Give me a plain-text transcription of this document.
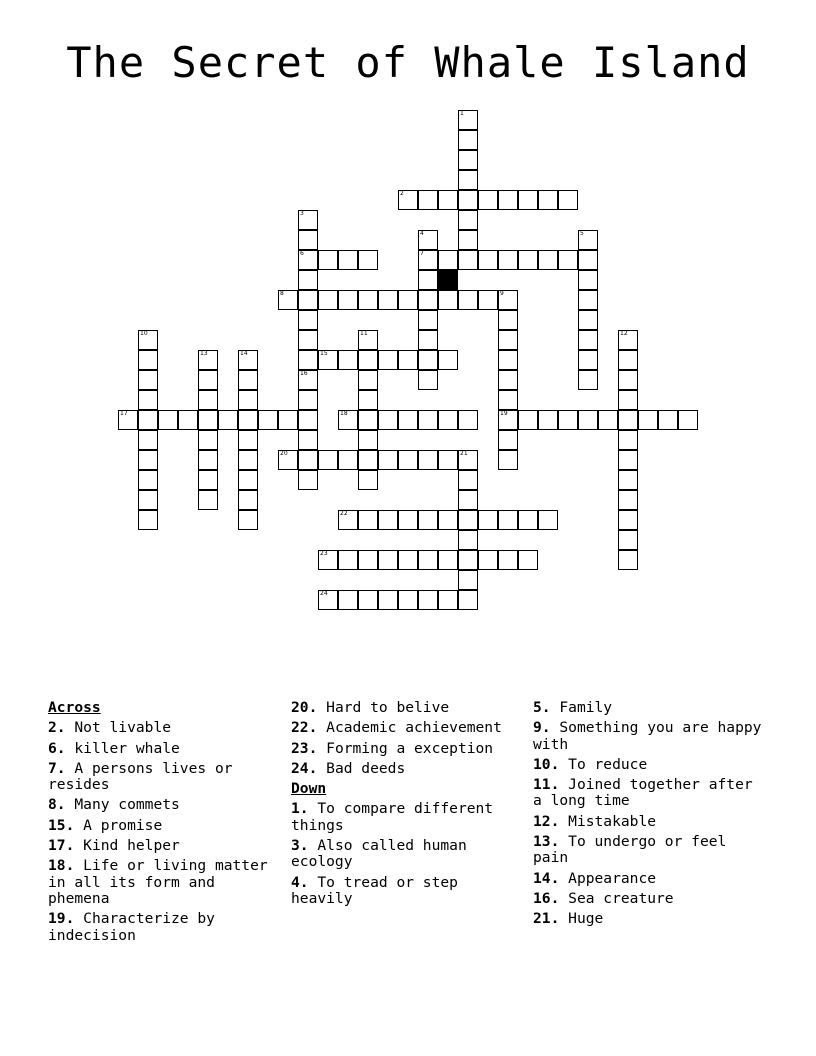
The Secret of Whale Island
2
6	7
8	9
15
17	18	19
20	21
22
23
24
1
3
16
4	5
10	11	12
13	14
Across
2. Not livable
6. killer whale
7. A persons lives or resides
8. Many commets
15. A promise
17. Kind helper
18. Life or living matter in all its form and phemena
19. Characterize by indecision
20. Hard to belive
22. Academic achievement
23. Forming a exception
24. Bad deeds
Down
1. To compare different things
3. Also called human ecology
4. To tread or step heavily
5. Family
9. Something you are happy with
10. To reduce
11. Joined together after a long time
12. Mistakable
13. To undergo or feel pain
14. Appearance
16. Sea creature
21. Huge
